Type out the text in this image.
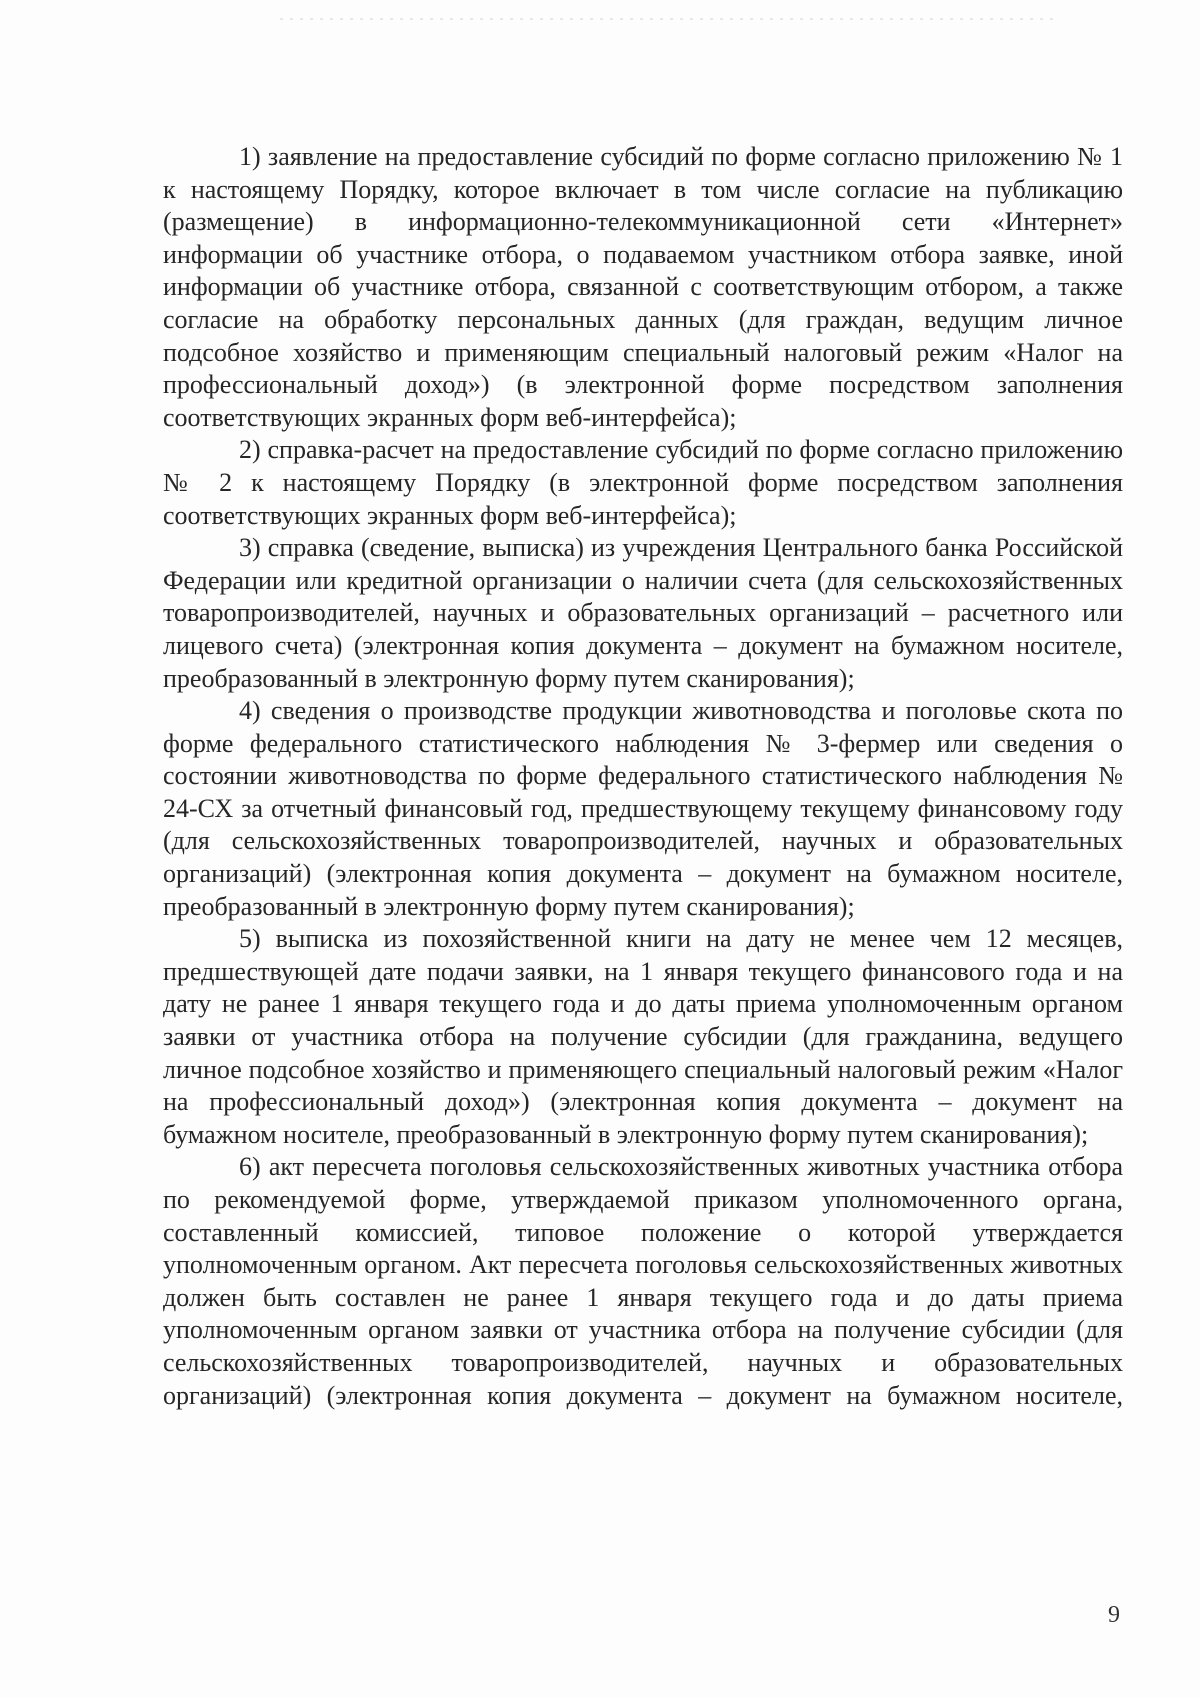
1) заявление на предоставление субсидий по форме согласно приложению № 1 к настоящему Порядку, которое включает в том числе согласие на публикацию (размещение) в информационно-телекоммуникационной сети «Интернет» информации об участнике отбора, о подаваемом участником отбора заявке, иной информации об участнике отбора, связанной с соответствующим отбором, а также согласие на обработку персональных данных (для граждан, ведущим личное подсобное хозяйство и применяющим специальный налоговый режим «Налог на профессиональный доход») (в электронной форме посредством заполнения соответствующих экранных форм веб-интерфейса);

2) справка-расчет на предоставление субсидий по форме согласно приложению № 2 к настоящему Порядку (в электронной форме посредством заполнения соответствующих экранных форм веб-интерфейса);

3) справка (сведение, выписка) из учреждения Центрального банка Российской Федерации или кредитной организации о наличии счета (для сельскохозяйственных товаропроизводителей, научных и образовательных организаций – расчетного или лицевого счета) (электронная копия документа – документ на бумажном носителе, преобразованный в электронную форму путем сканирования);

4) сведения о производстве продукции животноводства и поголовье скота по форме федерального статистического наблюдения № 3-фермер или сведения о состоянии животноводства по форме федерального статистического наблюдения № 24-СХ за отчетный финансовый год, предшествующему текущему финансовому году (для сельскохозяйственных товаропроизводителей, научных и образовательных организаций) (электронная копия документа – документ на бумажном носителе, преобразованный в электронную форму путем сканирования);

5) выписка из похозяйственной книги на дату не менее чем 12 месяцев, предшествующей дате подачи заявки, на 1 января текущего финансового года и на дату не ранее 1 января текущего года и до даты приема уполномоченным органом заявки от участника отбора на получение субсидии (для гражданина, ведущего личное подсобное хозяйство и применяющего специальный налоговый режим «Налог на профессиональный доход») (электронная копия документа – документ на бумажном носителе, преобразованный в электронную форму путем сканирования);

6) акт пересчета поголовья сельскохозяйственных животных участника отбора по рекомендуемой форме, утверждаемой приказом уполномоченного органа, составленный комиссией, типовое положение о которой утверждается уполномоченным органом. Акт пересчета поголовья сельскохозяйственных животных должен быть составлен не ранее 1 января текущего года и до даты приема уполномоченным органом заявки от участника отбора на получение субсидии (для сельскохозяйственных товаропроизводителей, научных и образовательных организаций) (электронная копия документа – документ на бумажном носителе,

9
